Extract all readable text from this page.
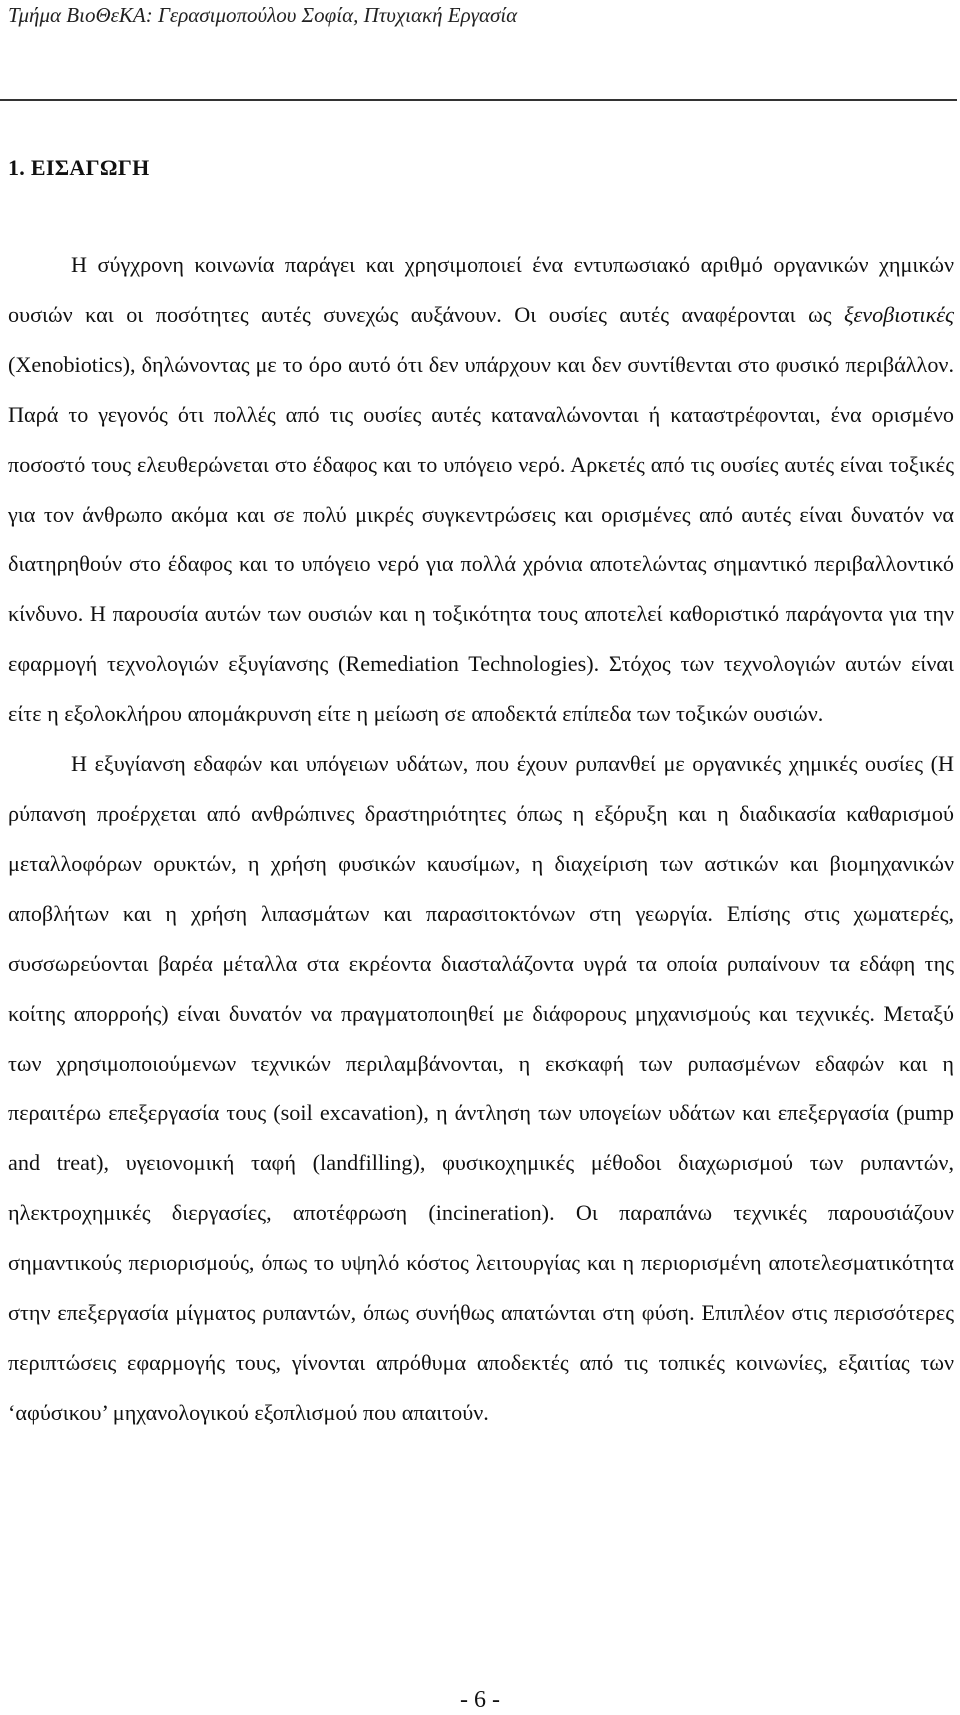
Τμήμα ΒιοΘεΚΑ: Γερασιμοπούλου Σοφία, Πτυχιακή Εργασία
1. ΕΙΣΑΓΩΓΗ

Η σύγχρονη κοινωνία παράγει και χρησιμοποιεί ένα εντυπωσιακό αριθμό οργανικών χημικών ουσιών και οι ποσότητες αυτές συνεχώς αυξάνουν. Οι ουσίες αυτές αναφέρονται ως ξενοβιοτικές (Xenobiotics), δηλώνοντας με το όρο αυτό ότι δεν υπάρχουν και δεν συντίθενται στο φυσικό περιβάλλον. Παρά το γεγονός ότι πολλές από τις ουσίες αυτές καταναλώνονται ή καταστρέφονται, ένα ορισμένο ποσοστό τους ελευθερώνεται στο έδαφος και το υπόγειο νερό. Αρκετές από τις ουσίες αυτές είναι τοξικές για τον άνθρωπο ακόμα και σε πολύ μικρές συγκεντρώσεις και ορισμένες από αυτές είναι δυνατόν να διατηρηθούν στο έδαφος και το υπόγειο νερό για πολλά χρόνια αποτελώντας σημαντικό περιβαλλοντικό κίνδυνο. Η παρουσία αυτών των ουσιών και η τοξικότητα τους αποτελεί καθοριστικό παράγοντα για την εφαρμογή τεχνολογιών εξυγίανσης (Remediation Technologies). Στόχος των τεχνολογιών αυτών είναι είτε η εξολοκλήρου απομάκρυνση είτε η μείωση σε αποδεκτά επίπεδα των τοξικών ουσιών.

Η εξυγίανση εδαφών και υπόγειων υδάτων, που έχουν ρυπανθεί με οργανικές χημικές ουσίες (Η ρύπανση προέρχεται από ανθρώπινες δραστηριότητες όπως η εξόρυξη και η διαδικασία καθαρισμού μεταλλοφόρων ορυκτών, η χρήση φυσικών καυσίμων, η διαχείριση των αστικών και βιομηχανικών αποβλήτων και η χρήση λιπασμάτων και παρασιτοκτόνων στη γεωργία. Επίσης στις χωματερές, συσσωρεύονται βαρέα μέταλλα στα εκρέοντα διασταλάζοντα υγρά τα οποία ρυπαίνουν τα εδάφη της κοίτης απορροής) είναι δυνατόν να πραγματοποιηθεί με διάφορους μηχανισμούς και τεχνικές. Μεταξύ των χρησιμοποιούμενων τεχνικών περιλαμβάνονται, η εκσκαφή των ρυπασμένων εδαφών και η περαιτέρω επεξεργασία τους (soil excavation), η άντληση των υπογείων υδάτων και επεξεργασία (pump and treat), υγειονομική ταφή (landfilling), φυσικοχημικές μέθοδοι διαχωρισμού των ρυπαντών, ηλεκτροχημικές διεργασίες, αποτέφρωση (incineration). Οι παραπάνω τεχνικές παρουσιάζουν σημαντικούς περιορισμούς, όπως το υψηλό κόστος λειτουργίας και η περιορισμένη αποτελεσματικότητα στην επεξεργασία μίγματος ρυπαντών, όπως συνήθως απατώνται στη φύση. Επιπλέον στις περισσότερες περιπτώσεις εφαρμογής τους, γίνονται απρόθυμα αποδεκτές από τις τοπικές κοινωνίες, εξαιτίας των ‘αφύσικου’ μηχανολογικού εξοπλισμού που απαιτούν.

- 6 -
